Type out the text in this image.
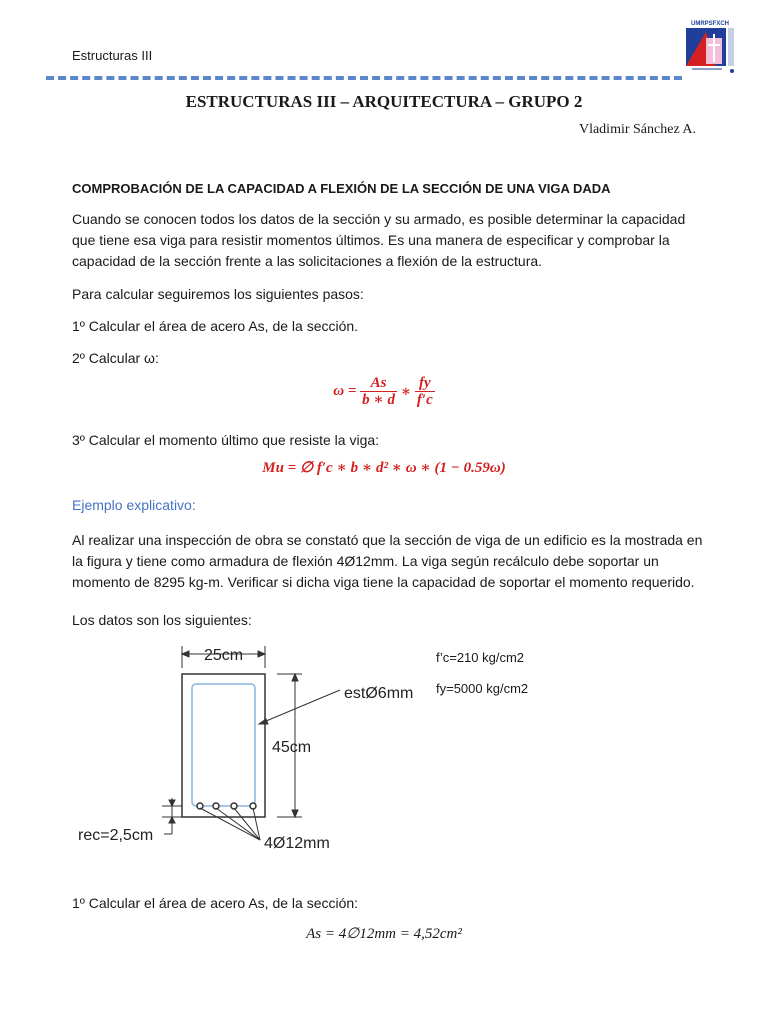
Estructuras III
UMRPSFXCH
ESTRUCTURAS III – ARQUITECTURA – GRUPO 2
Vladimir Sánchez A.
COMPROBACIÓN DE LA CAPACIDAD A FLEXIÓN DE LA SECCIÓN DE UNA VIGA DADA

Cuando se conocen todos los datos de la sección y su armado, es posible determinar la capacidad que tiene esa viga para resistir momentos últimos. Es una manera de especificar y comprobar la capacidad de la sección frente a las solicitaciones a flexión de la estructura.

Para calcular seguiremos los siguientes pasos:

1º Calcular el área de acero As, de la sección.

2º Calcular ω:

$\omega = \frac{As}{b ∗ d}$ ∗ $\frac{fy}{f'c}$

3º Calcular el momento último que resiste la viga:

Mu = ∅ f′c ∗ b ∗ d² ∗ ω ∗ (1 − 0.59ω)
Ejemplo explicativo:

Al realizar una inspección de obra se constató que la sección de viga de un edificio es la mostrada en la figura y tiene como armadura de flexión 4Ø12mm. La viga según recálculo debe soportar un momento de 8295 kg-m. Verificar si dicha viga tiene la capacidad de soportar el momento requerido.

Los datos son los siguientes:

25cm
45cm
estØ6mm
rec=2,5cm	4Ø12mm
f’c=210 kg/cm2
fy=5000 kg/cm2

1º Calcular el área de acero As, de la sección:

As = 4∅12mm = 4,52cm²
